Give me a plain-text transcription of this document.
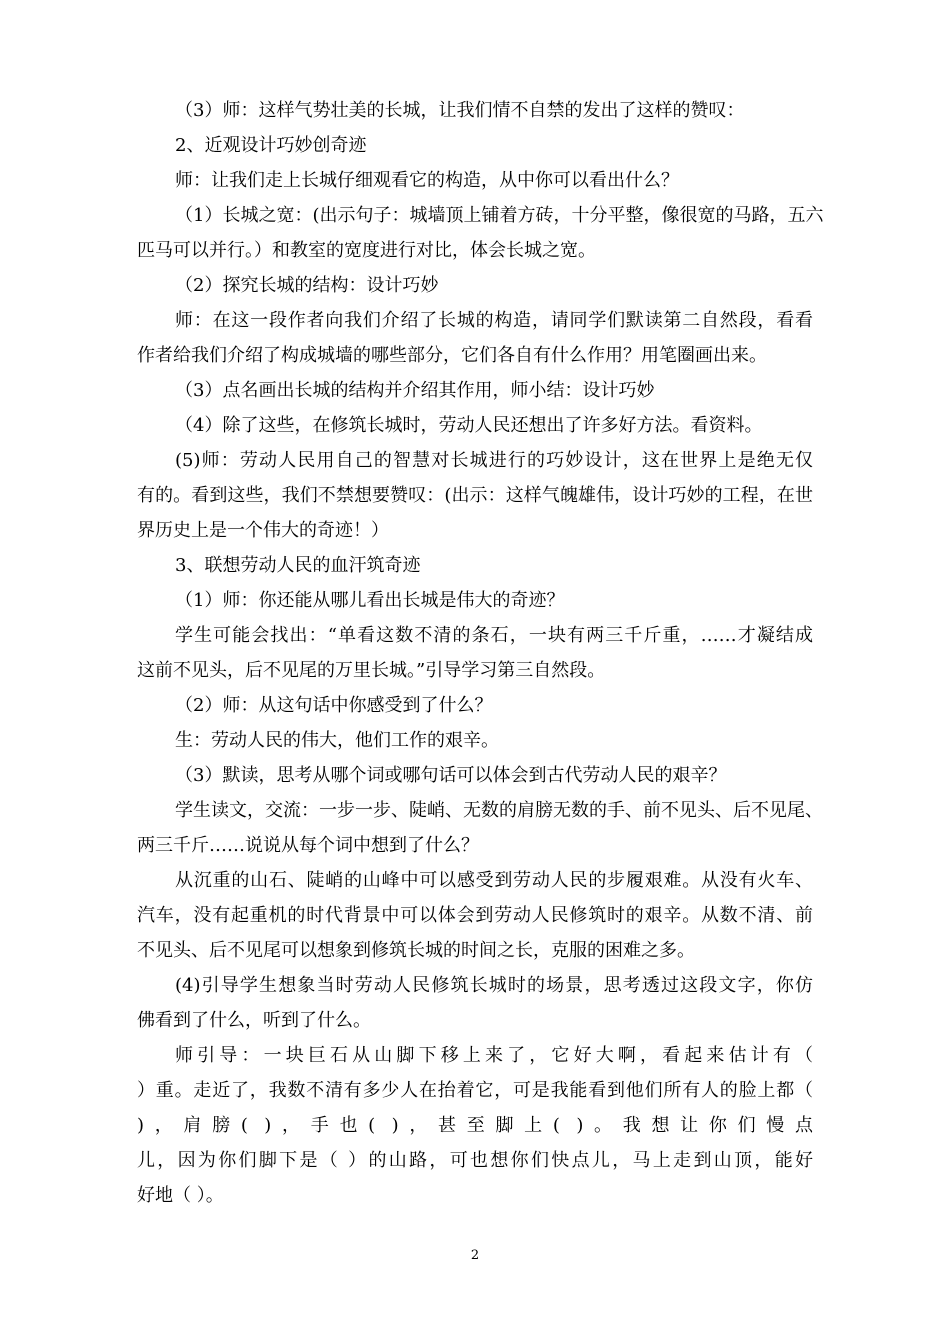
（3）师：这样气势壮美的长城，让我们情不自禁的发出了这样的赞叹：
2、近观设计巧妙创奇迹
师：让我们走上长城仔细观看它的构造，从中你可以看出什么？
（1）长城之宽：(出示句子：城墙顶上铺着方砖，十分平整，像很宽的马路，五六
匹马可以并行。）和教室的宽度进行对比，体会长城之宽。
（2）探究长城的结构：设计巧妙
师：在这一段作者向我们介绍了长城的构造，请同学们默读第二自然段，看看
作者给我们介绍了构成城墙的哪些部分，它们各自有什么作用？用笔圈画出来。
（3）点名画出长城的结构并介绍其作用，师小结：设计巧妙
（4）除了这些，在修筑长城时，劳动人民还想出了许多好方法。看资料。
(5)师：劳动人民用自己的智慧对长城进行的巧妙设计，这在世界上是绝无仅
有的。看到这些，我们不禁想要赞叹：(出示：这样气魄雄伟，设计巧妙的工程，在世
界历史上是一个伟大的奇迹！）
3、联想劳动人民的血汗筑奇迹
（1）师：你还能从哪儿看出长城是伟大的奇迹？
学生可能会找出：“单看这数不清的条石，一块有两三千斤重，……才凝结成
这前不见头，后不见尾的万里长城。”引导学习第三自然段。
（2）师：从这句话中你感受到了什么？
生：劳动人民的伟大，他们工作的艰辛。
（3）默读，思考从哪个词或哪句话可以体会到古代劳动人民的艰辛？
学生读文，交流：一步一步、陡峭、无数的肩膀无数的手、前不见头、后不见尾、
两三千斤……说说从每个词中想到了什么？
从沉重的山石、陡峭的山峰中可以感受到劳动人民的步履艰难。从没有火车、
汽车，没有起重机的时代背景中可以体会到劳动人民修筑时的艰辛。从数不清、前
不见头、后不见尾可以想象到修筑长城的时间之长，克服的困难之多。
(4)引导学生想象当时劳动人民修筑长城时的场景，思考透过这段文字，你仿
佛看到了什么，听到了什么。
师引导：一块巨石从山脚下移上来了，它好大啊，看起来估计有（
）重。走近了，我数不清有多少人在抬着它，可是我能看到他们所有人的脸上都（
)，肩膀( )，手也( )，甚至脚上( )。我想让你们慢点
儿，因为你们脚下是（ ）的山路，可也想你们快点儿，马上走到山顶，能好
好地（ ）。
2
